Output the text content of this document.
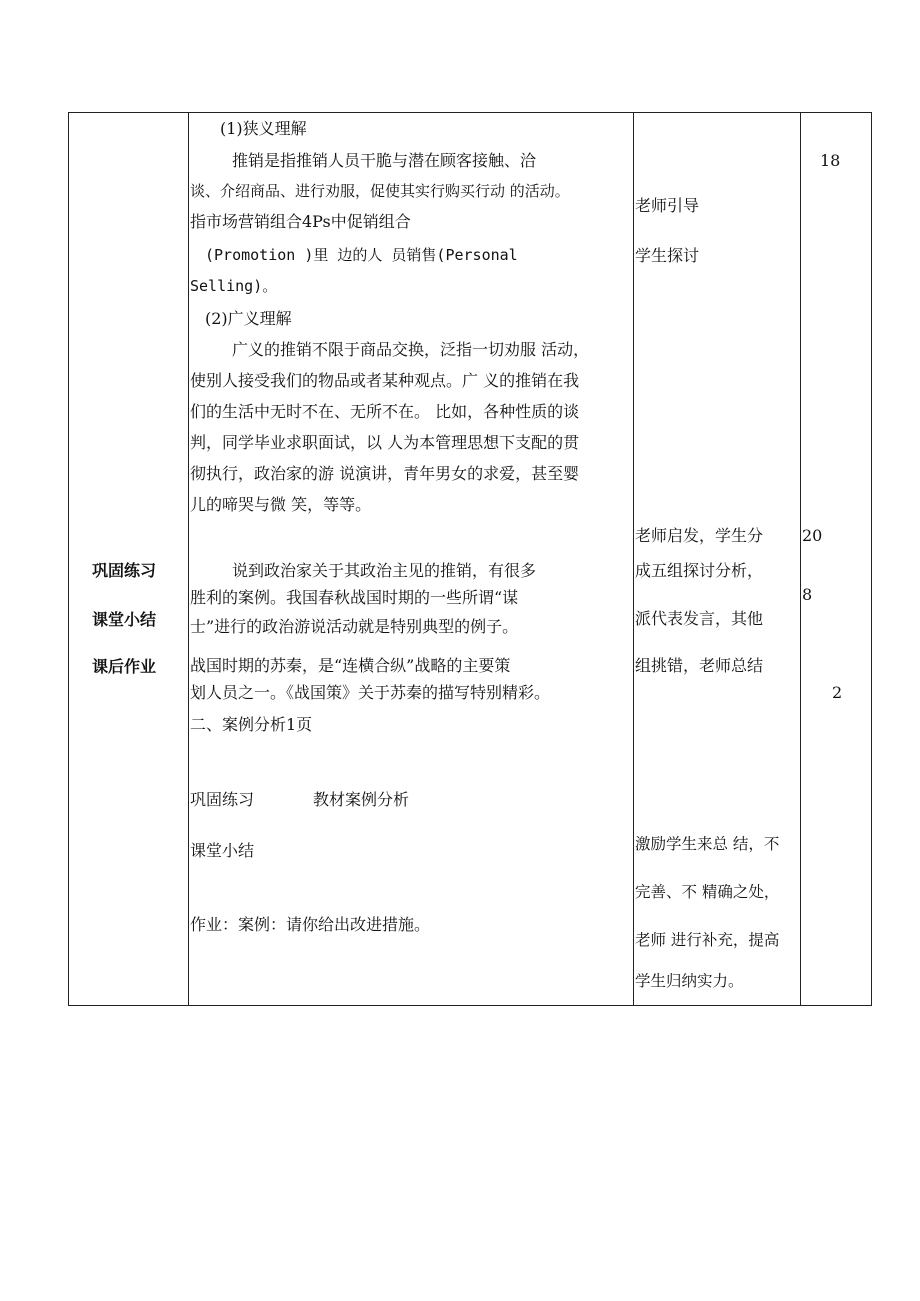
巩固练习
课堂小结
课后作业
(1)狭义理解
推销是指推销人员干脆与潜在顾客接触、洽
谈、介绍商品、进行劝服，促使其实行购买行动 的活动。
指市场营销组合4Ps中促销组合
(Promotion )里 边的人 员销售(Personal
Selling)。
(2)广义理解
广义的推销不限于商品交换，泛指一切劝服 活动，
使别人接受我们的物品或者某种观点。广 义的推销在我
们的生活中无时不在、无所不在。 比如，各种性质的谈
判，同学毕业求职面试，以 人为本管理思想下支配的贯
彻执行，政治家的游 说演讲，青年男女的求爱，甚至婴
儿的啼哭与微 笑，等等。
说到政治家关于其政治主见的推销，有很多
胜利的案例。我国春秋战国时期的一些所谓“谋
士”进行的政治游说活动就是特别典型的例子。
战国时期的苏秦，是“连横合纵”战略的主要策
划人员之一。《战国策》关于苏秦的描写特别精彩。
二、案例分析1页
巩固练习	教材案例分析
课堂小结
作业：案例：请你给出改进措施。
老师引导
学生探讨
老师启发，学生分
成五组探讨分析，
派代表发言，其他
组挑错，老师总结
激励学生来总 结，不
完善、不 精确之处，
老师 进行补充，提高
学生归纳实力。
18
20
8
2
